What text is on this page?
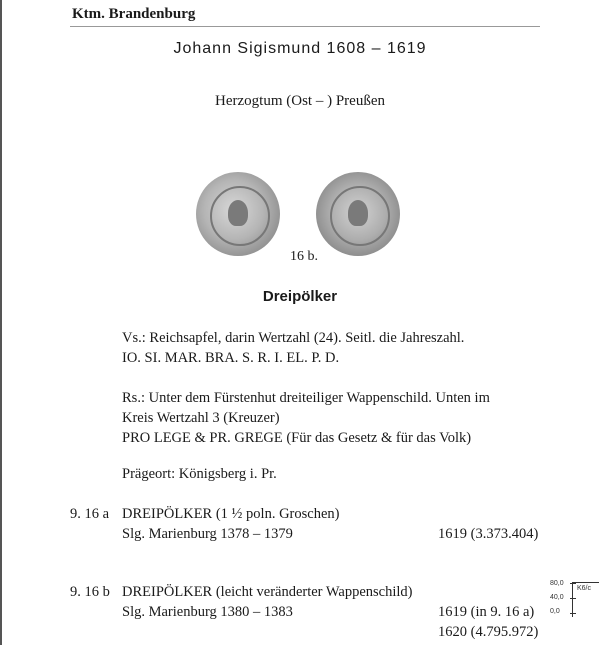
Ktm. Brandenburg
Johann Sigismund 1608 – 1619
Herzogtum (Ost – ) Preußen
16 b.
Dreipölker
Vs.: Reichsapfel, darin Wertzahl (24). Seitl. die Jahreszahl.
IO. SI. MAR. BRA. S. R. I. EL. P. D.
Rs.: Unter dem Fürstenhut dreiteiliger Wappenschild. Unten im
Kreis Wertzahl 3 (Kreuzer)
PRO LEGE & PR. GREGE (Für das Gesetz & für das Volk)
Prägeort: Königsberg i. Pr.
9. 16 a DREIPÖLKER (1 ½ poln. Groschen)
Slg. Marienburg 1378 – 1379	1619 (3.373.404)
9. 16 b DREIPÖLKER (leicht veränderter Wappenschild)
Slg. Marienburg 1380 – 1383	1619 (in 9. 16 a)
1620 (4.795.972)
80,0
40,0
0,0
K6/c
